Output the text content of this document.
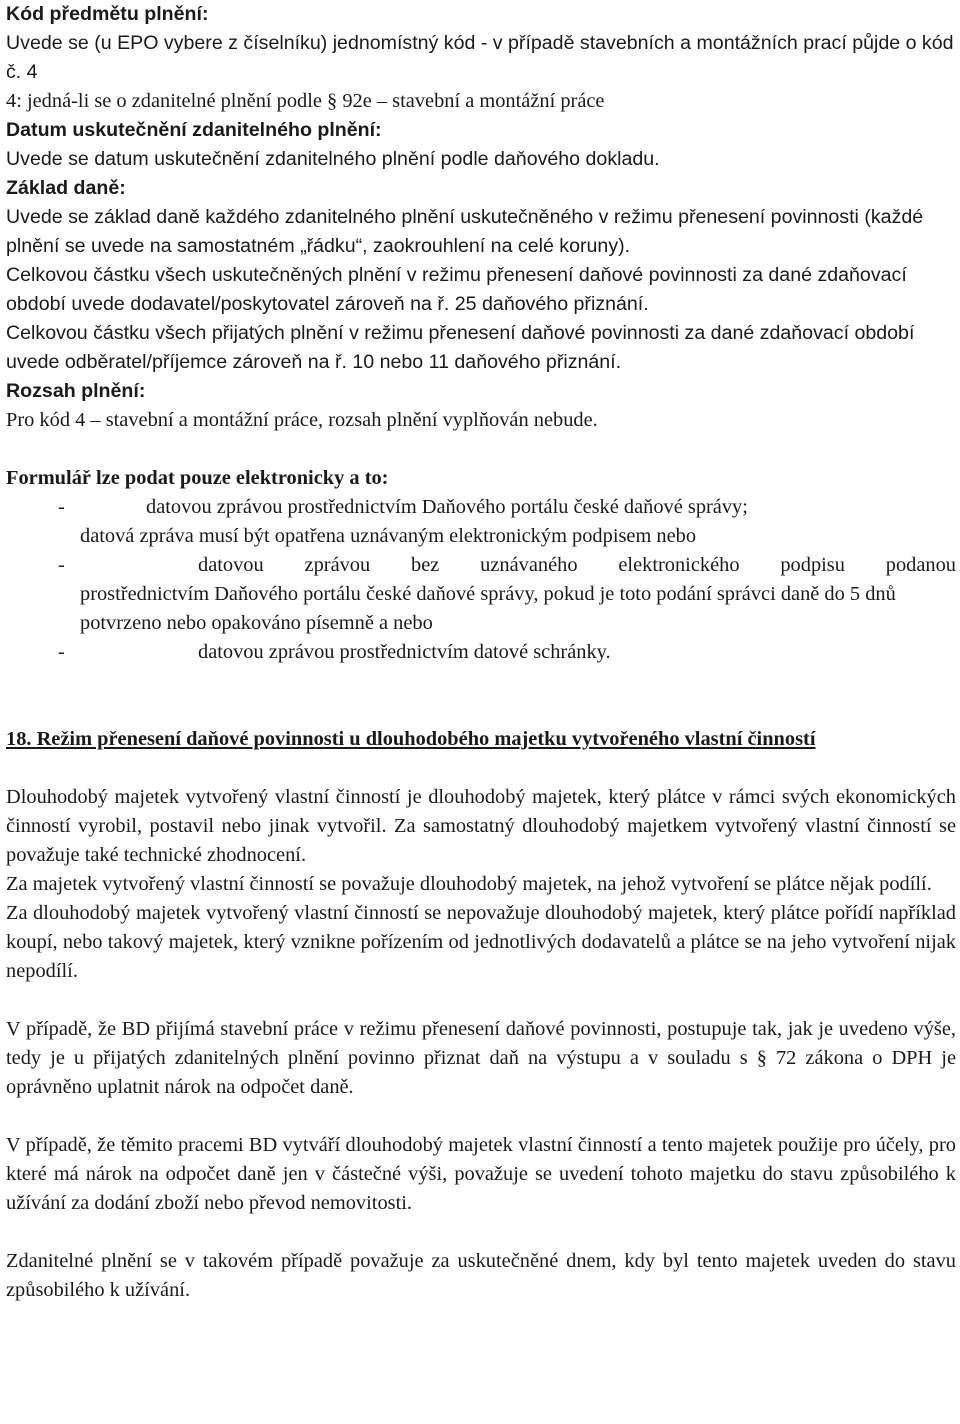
Kód předmětu plnění:

Uvede se (u EPO vybere z číselníku) jednomístný kód - v případě stavebních a montážních prací půjde o kód č. 4

4: jedná-li se o zdanitelné plnění podle § 92e – stavební a montážní práce

Datum uskutečnění zdanitelného plnění:

Uvede se datum uskutečnění zdanitelného plnění podle daňového dokladu.

Základ daně:

Uvede se základ daně každého zdanitelného plnění uskutečněného v režimu přenesení povinnosti (každé plnění se uvede na samostatném „řádku“, zaokrouhlení na celé koruny).

Celkovou částku všech uskutečněných plnění v režimu přenesení daňové povinnosti za dané zdaňovací období uvede dodavatel/poskytovatel zároveň na ř. 25 daňového přiznání.

Celkovou částku všech přijatých plnění v režimu přenesení daňové povinnosti za dané zdaňovací období uvede odběratel/příjemce zároveň na ř. 10 nebo 11 daňového přiznání.

Rozsah plnění:

Pro kód 4 – stavební a montážní práce, rozsah plnění vyplňován nebude.

Formulář lze podat pouze elektronicky a to:

-	datovou zprávou prostřednictvím Daňového portálu české daňové správy;

datová zpráva musí být opatřena uznávaným elektronickým podpisem nebo

-	datovou zprávou bez uznávaného elektronického podpisu podanou

prostřednictvím Daňového portálu české daňové správy, pokud je toto podání správci daně do 5 dnů potvrzeno nebo opakováno písemně a nebo

-	datovou zprávou prostřednictvím datové schránky.

18. Režim přenesení daňové povinnosti u dlouhodobého majetku vytvořeného vlastní činností

Dlouhodobý majetek vytvořený vlastní činností je dlouhodobý majetek, který plátce v rámci svých ekonomických činností vyrobil, postavil nebo jinak vytvořil. Za samostatný dlouhodobý majetkem vytvořený vlastní činností se považuje také technické zhodnocení.

Za majetek vytvořený vlastní činností se považuje dlouhodobý majetek, na jehož vytvoření se plátce nějak podílí.

Za dlouhodobý majetek vytvořený vlastní činností se nepovažuje dlouhodobý majetek, který plátce pořídí například koupí, nebo takový majetek, který vznikne pořízením od jednotlivých dodavatelů a plátce se na jeho vytvoření nijak nepodílí.

V případě, že BD přijímá stavební práce v režimu přenesení daňové povinnosti, postupuje tak, jak je uvedeno výše, tedy je u přijatých zdanitelných plnění povinno přiznat daň na výstupu a v souladu s § 72 zákona o DPH je oprávněno uplatnit nárok na odpočet daně.

V případě, že těmito pracemi BD vytváří dlouhodobý majetek vlastní činností a tento majetek použije pro účely, pro které má nárok na odpočet daně jen v částečné výši, považuje se uvedení tohoto majetku do stavu způsobilého k užívání za dodání zboží nebo převod nemovitosti.

Zdanitelné plnění se v takovém případě považuje za uskutečněné dnem, kdy byl tento majetek uveden do stavu způsobilého k užívání.
